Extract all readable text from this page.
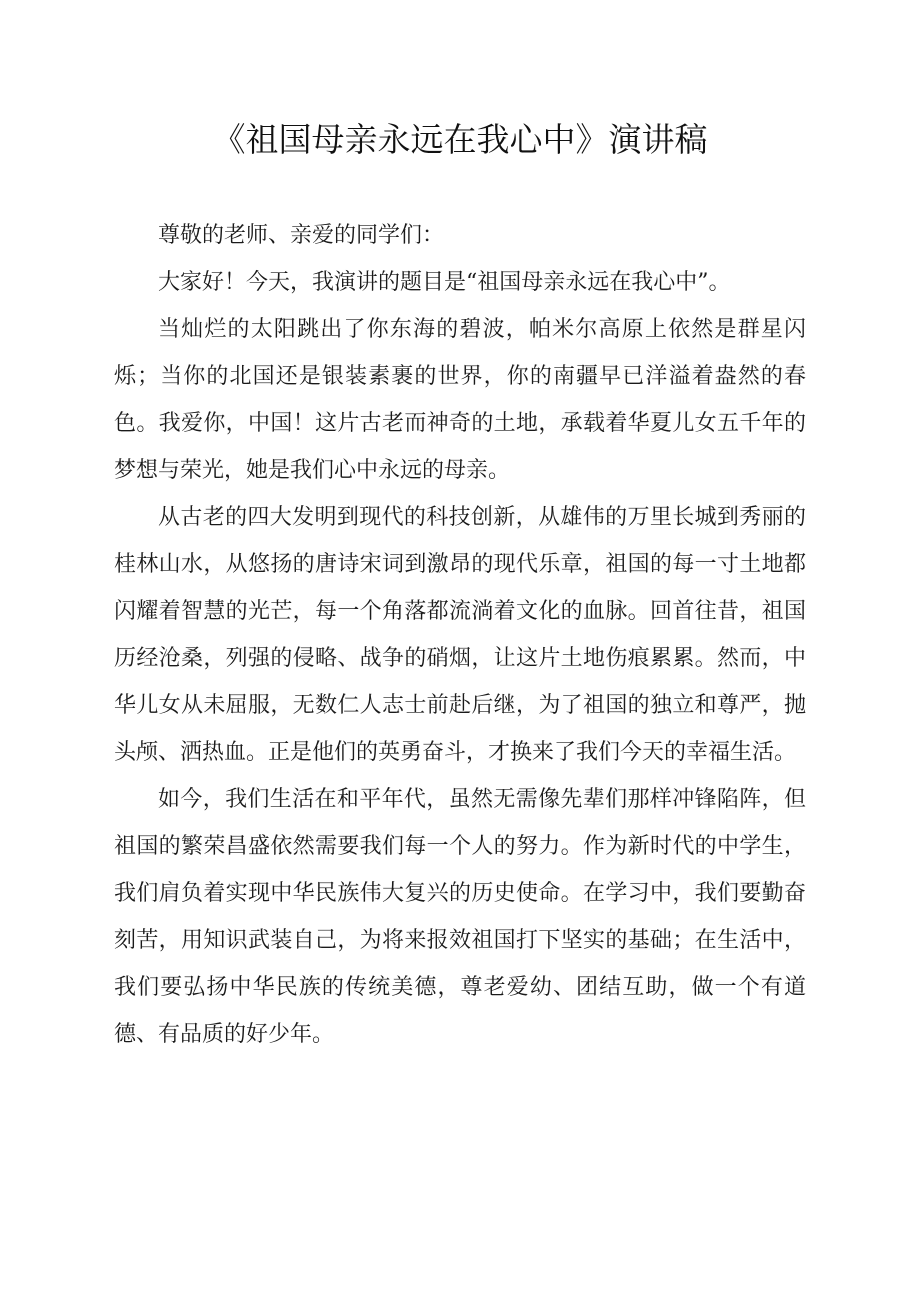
《祖国母亲永远在我心中》演讲稿

尊敬的老师、亲爱的同学们：

大家好！今天，我演讲的题目是“祖国母亲永远在我心中”。

当灿烂的太阳跳出了你东海的碧波，帕米尔高原上依然是群星闪烁；当你的北国还是银装素裹的世界，你的南疆早已洋溢着盎然的春色。我爱你，中国！这片古老而神奇的土地，承载着华夏儿女五千年的梦想与荣光，她是我们心中永远的母亲。

从古老的四大发明到现代的科技创新，从雄伟的万里长城到秀丽的桂林山水，从悠扬的唐诗宋词到激昂的现代乐章，祖国的每一寸土地都闪耀着智慧的光芒，每一个角落都流淌着文化的血脉。回首往昔，祖国历经沧桑，列强的侵略、战争的硝烟，让这片土地伤痕累累。然而，中华儿女从未屈服，无数仁人志士前赴后继，为了祖国的独立和尊严，抛头颅、洒热血。正是他们的英勇奋斗，才换来了我们今天的幸福生活。

如今，我们生活在和平年代，虽然无需像先辈们那样冲锋陷阵，但祖国的繁荣昌盛依然需要我们每一个人的努力。作为新时代的中学生，我们肩负着实现中华民族伟大复兴的历史使命。在学习中，我们要勤奋刻苦，用知识武装自己，为将来报效祖国打下坚实的基础；在生活中，我们要弘扬中华民族的传统美德，尊老爱幼、团结互助，做一个有道德、有品质的好少年。
